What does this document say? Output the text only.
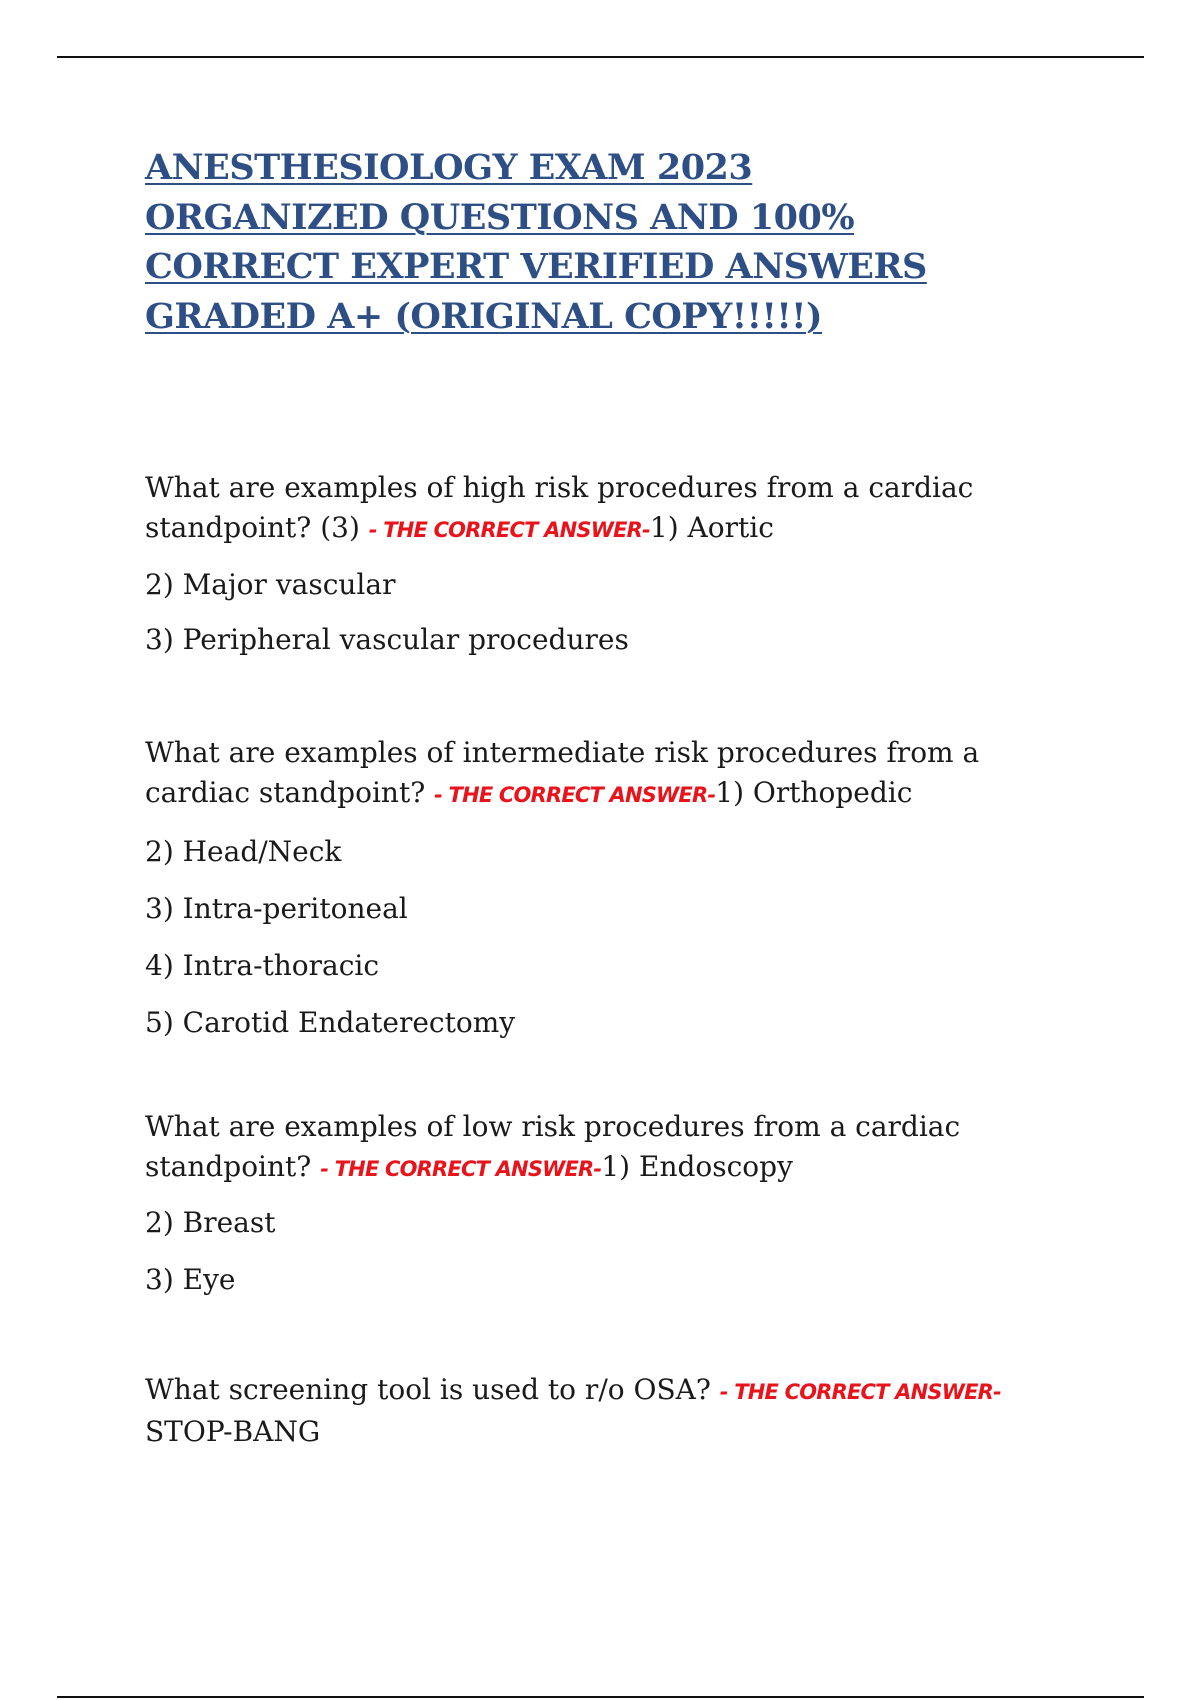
ANESTHESIOLOGY EXAM 2023
ORGANIZED QUESTIONS AND 100%
CORRECT EXPERT VERIFIED ANSWERS
GRADED A+ (ORIGINAL COPY!!!!!)

What are examples of high risk procedures from a cardiac standpoint? (3) - THE CORRECT ANSWER-1) Aortic

2) Major vascular

3) Peripheral vascular procedures

What are examples of intermediate risk procedures from a cardiac standpoint? - THE CORRECT ANSWER-1) Orthopedic

2) Head/Neck

3) Intra-peritoneal

4) Intra-thoracic

5) Carotid Endaterectomy

What are examples of low risk procedures from a cardiac standpoint? - THE CORRECT ANSWER-1) Endoscopy

2) Breast

3) Eye

What screening tool is used to r/o OSA? - THE CORRECT ANSWER-
STOP-BANG
